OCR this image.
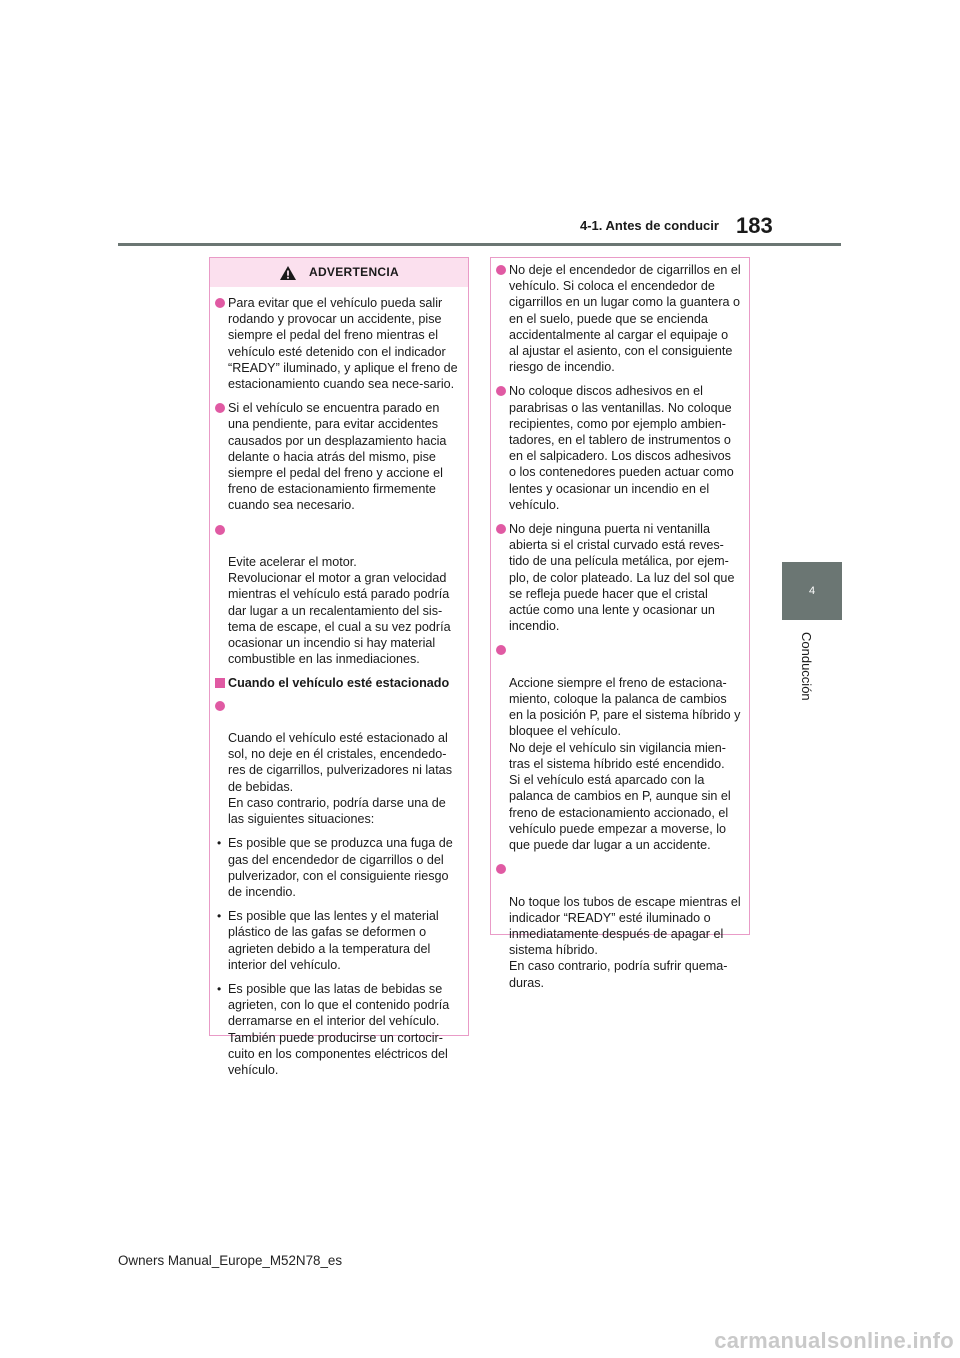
4-1. Antes de conducir 183
4
Conducción
ADVERTENCIA
Para evitar que el vehículo pueda salir rodando y provocar un accidente, pise siempre el pedal del freno mientras el vehículo esté detenido con el indicador “READY” iluminado, y aplique el freno de estacionamiento cuando sea nece-sario.
Si el vehículo se encuentra parado en una pendiente, para evitar accidentes causados por un desplazamiento hacia delante o hacia atrás del mismo, pise siempre el pedal del freno y accione el freno de estacionamiento firmemente cuando sea necesario.

Evite acelerar el motor.
Revolucionar el motor a gran velocidad mientras el vehículo está parado podría dar lugar a un recalentamiento del sis-tema de escape, el cual a su vez podría ocasionar un incendio si hay material combustible en las inmediaciones.

Cuando el vehículo esté estacionado

Cuando el vehículo esté estacionado al sol, no deje en él cristales, encendedo-res de cigarrillos, pulverizadores ni latas de bebidas.
En caso contrario, podría darse una de las siguientes situaciones:

• Es posible que se produzca una fuga de gas del encendedor de cigarrillos o del pulverizador, con el consiguiente riesgo de incendio.
• Es posible que las lentes y el material plástico de las gafas se deformen o agrieten debido a la temperatura del interior del vehículo.
• Es posible que las latas de bebidas se agrieten, con lo que el contenido podría derramarse en el interior del vehículo. También puede producirse un cortocir-cuito en los componentes eléctricos del vehículo.
No deje el encendedor de cigarrillos en el vehículo. Si coloca el encendedor de cigarrillos en un lugar como la guantera o en el suelo, puede que se encienda accidentalmente al cargar el equipaje o al ajustar el asiento, con el consiguiente riesgo de incendio.
No coloque discos adhesivos en el parabrisas o las ventanillas. No coloque recipientes, como por ejemplo ambien-tadores, en el tablero de instrumentos o en el salpicadero. Los discos adhesivos o los contenedores pueden actuar como lentes y ocasionar un incendio en el vehículo.
No deje ninguna puerta ni ventanilla abierta si el cristal curvado está reves-tido de una película metálica, por ejem-plo, de color plateado. La luz del sol que se refleja puede hacer que el cristal actúe como una lente y ocasionar un incendio.

Accione siempre el freno de estaciona-miento, coloque la palanca de cambios en la posición P, pare el sistema híbrido y bloquee el vehículo.
No deje el vehículo sin vigilancia mien-tras el sistema híbrido esté encendido.
Si el vehículo está aparcado con la palanca de cambios en P, aunque sin el freno de estacionamiento accionado, el vehículo puede empezar a moverse, lo que puede dar lugar a un accidente.

No toque los tubos de escape mientras el indicador “READY” esté iluminado o inmediatamente después de apagar el sistema híbrido.
En caso contrario, podría sufrir quema-duras.

Owners Manual_Europe_M52N78_es
carmanualsonline.info
